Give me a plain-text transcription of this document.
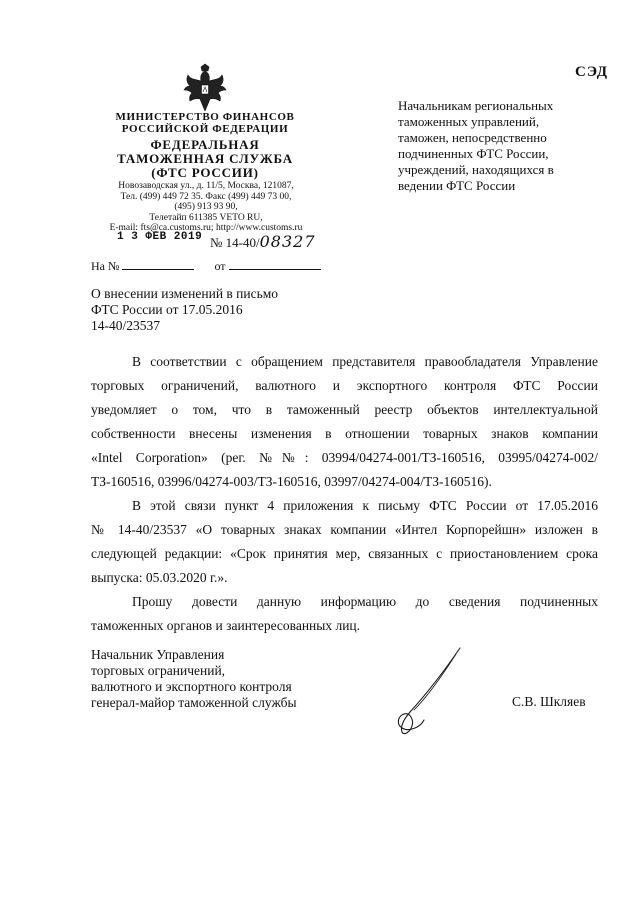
СЭД
МИНИСТЕРСТВО ФИНАНСОВ
РОССИЙСКОЙ ФЕДЕРАЦИИ
ФЕДЕРАЛЬНАЯ
ТАМОЖЕННАЯ СЛУЖБА
(ФТС РОССИИ)
Новозаводская ул., д. 11/5, Москва, 121087,
Тел. (499) 449 72 35. Факс (499) 449 73 00,
(495) 913 93 90,
Телетайп 611385 VETO RU,
E-mail: fts@ca.customs.ru; http://www.customs.ru
1 3 ФЕВ 2019 № 14-40/08327
На №	от
Начальникам региональных
таможенных управлений,
таможен, непосредственно
подчиненных ФТС России,
учреждений, находящихся в
ведении ФТС России
О внесении изменений в письмо
ФТС России от 17.05.2016
14-40/23537

В соответствии с обращением представителя правообладателя Управление

торговых ограничений, валютного и экспортного контроля ФТС России

уведомляет о том, что в таможенный реестр объектов интеллектуальной

собственности внесены изменения в отношении товарных знаков компании

«Intel Corporation» (рег. №№: 03994/04274-001/ТЗ-160516, 03995/04274-002/

ТЗ-160516, 03996/04274-003/ТЗ-160516, 03997/04274-004/ТЗ-160516).

В этой связи пункт 4 приложения к письму ФТС России от 17.05.2016

№ 14-40/23537 «О товарных знаках компании «Интел Корпорейшн» изложен в

следующей редакции: «Срок принятия мер, связанных с приостановлением срока

выпуска: 05.03.2020 г.».

Прошу довести данную информацию до сведения подчиненных

таможенных органов и заинтересованных лиц.

Начальник Управления
торговых ограничений,
валютного и экспортного контроля
генерал-майор таможенной службы	С.В. Шкляев
